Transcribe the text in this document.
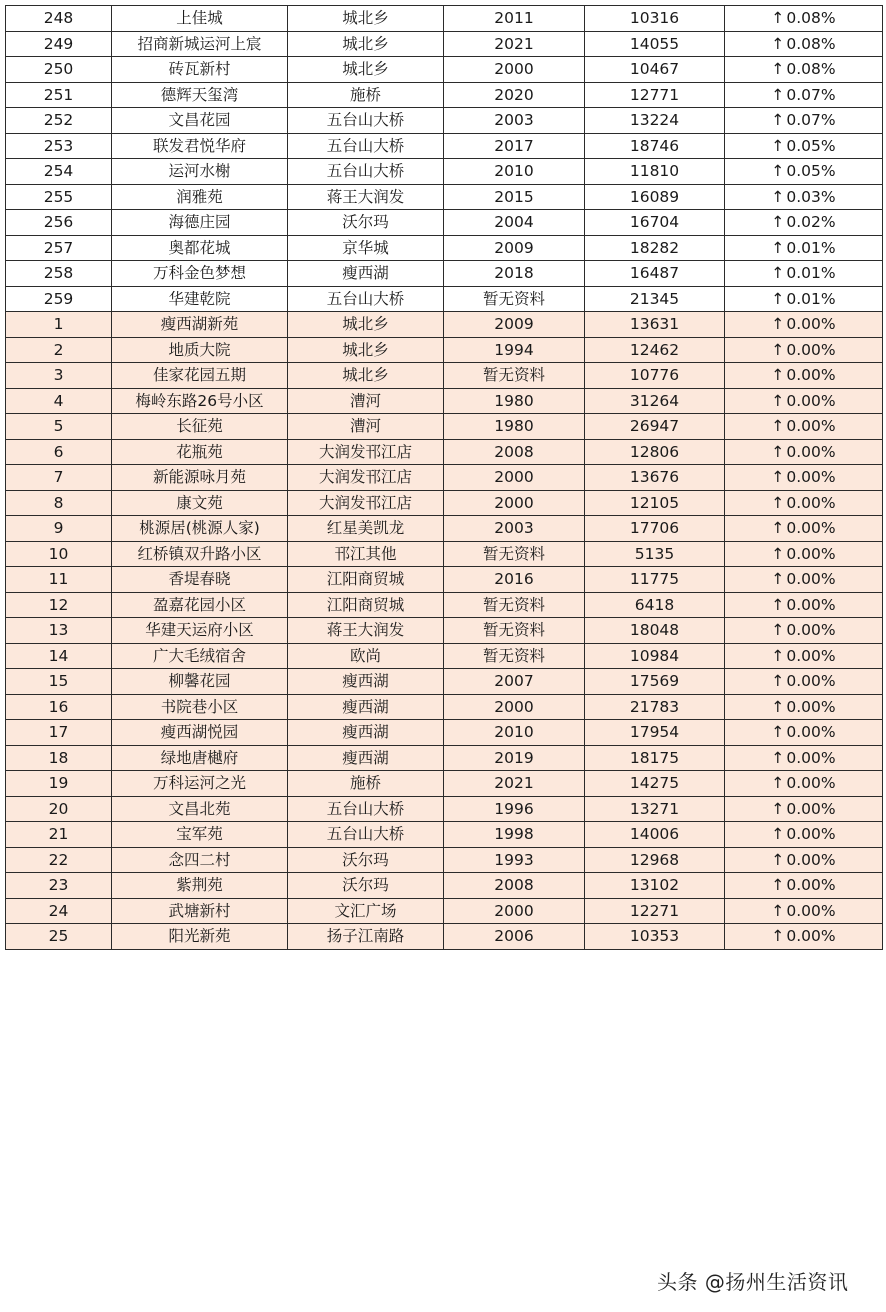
248	上佳城	城北乡	2011	10316	↑ 0.08%
249	招商新城运河上宸	城北乡	2021	14055	↑ 0.08%
250	砖瓦新村	城北乡	2000	10467	↑ 0.08%
251	德辉天玺湾	施桥	2020	12771	↑ 0.07%
252	文昌花园	五台山大桥	2003	13224	↑ 0.07%
253	联发君悦华府	五台山大桥	2017	18746	↑ 0.05%
254	运河水榭	五台山大桥	2010	11810	↑ 0.05%
255	润雅苑	蒋王大润发	2015	16089	↑ 0.03%
256	海德庄园	沃尔玛	2004	16704	↑ 0.02%
257	奥都花城	京华城	2009	18282	↑ 0.01%
258	万科金色梦想	瘦西湖	2018	16487	↑ 0.01%
259	华建乾院	五台山大桥	暂无资料	21345	↑ 0.01%
1	瘦西湖新苑	城北乡	2009	13631	↑ 0.00%
2	地质大院	城北乡	1994	12462	↑ 0.00%
3	佳家花园五期	城北乡	暂无资料	10776	↑ 0.00%
4	梅岭东路26号小区	漕河	1980	31264	↑ 0.00%
5	长征苑	漕河	1980	26947	↑ 0.00%
6	花瓶苑	大润发邗江店	2008	12806	↑ 0.00%
7	新能源咏月苑	大润发邗江店	2000	13676	↑ 0.00%
8	康文苑	大润发邗江店	2000	12105	↑ 0.00%
9	桃源居(桃源人家)	红星美凯龙	2003	17706	↑ 0.00%
10	红桥镇双升路小区	邗江其他	暂无资料	5135	↑ 0.00%
11	香堤春晓	江阳商贸城	2016	11775	↑ 0.00%
12	盈嘉花园小区	江阳商贸城	暂无资料	6418	↑ 0.00%
13	华建天运府小区	蒋王大润发	暂无资料	18048	↑ 0.00%
14	广大毛绒宿舍	欧尚	暂无资料	10984	↑ 0.00%
15	柳馨花园	瘦西湖	2007	17569	↑ 0.00%
16	书院巷小区	瘦西湖	2000	21783	↑ 0.00%
17	瘦西湖悦园	瘦西湖	2010	17954	↑ 0.00%
18	绿地唐樾府	瘦西湖	2019	18175	↑ 0.00%
19	万科运河之光	施桥	2021	14275	↑ 0.00%
20	文昌北苑	五台山大桥	1996	13271	↑ 0.00%
21	宝军苑	五台山大桥	1998	14006	↑ 0.00%
22	念四二村	沃尔玛	1993	12968	↑ 0.00%
23	紫荆苑	沃尔玛	2008	13102	↑ 0.00%
24	武塘新村	文汇广场	2000	12271	↑ 0.00%
25	阳光新苑	扬子江南路	2006	10353	↑ 0.00%
头条 @扬州生活资讯
